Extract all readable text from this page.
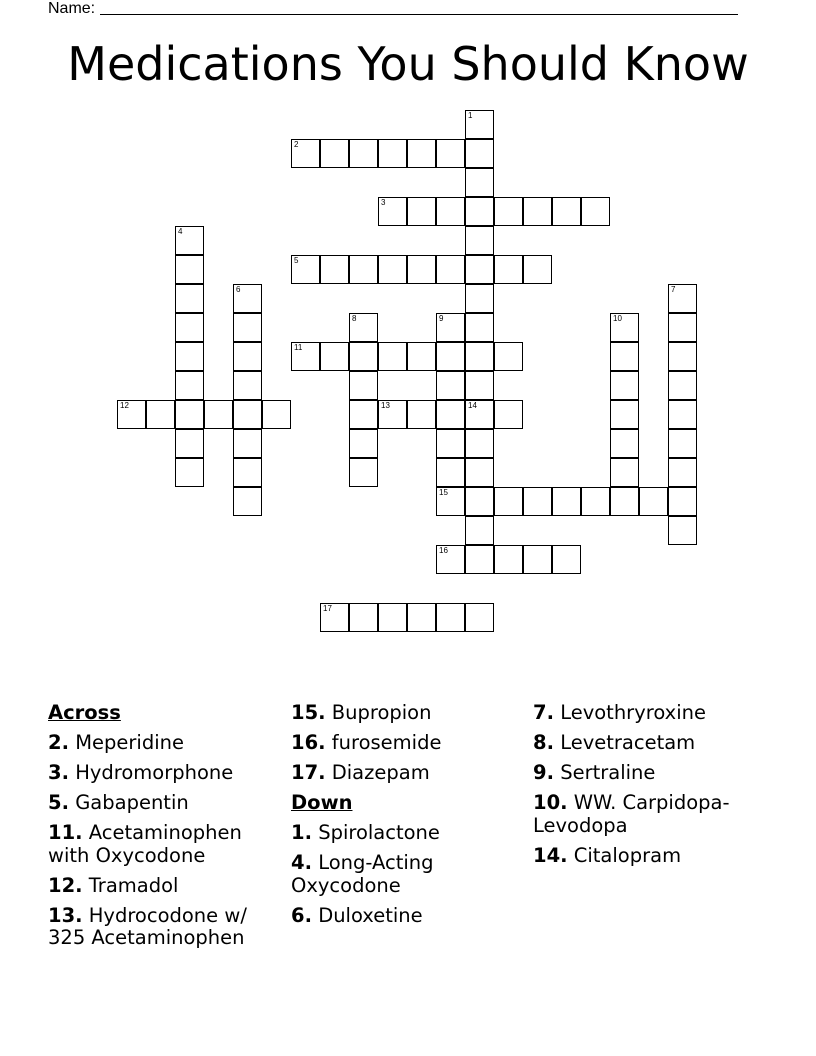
Name:
Medications You Should Know
1
14
2
3
4
5
6	7
8	9	10
11
12	13
15
16
17
Across
2. Meperidine
3. Hydromorphone
5. Gabapentin
11. Acetaminophen with Oxycodone
12. Tramadol
13. Hydrocodone w/ 325 Acetaminophen
15. Bupropion
16. furosemide
17. Diazepam
Down
1. Spirolactone
4. Long-Acting Oxycodone
6. Duloxetine
7. Levothryroxine
8. Levetracetam
9. Sertraline
10. WW. Carpidopa-Levodopa
14. Citalopram
